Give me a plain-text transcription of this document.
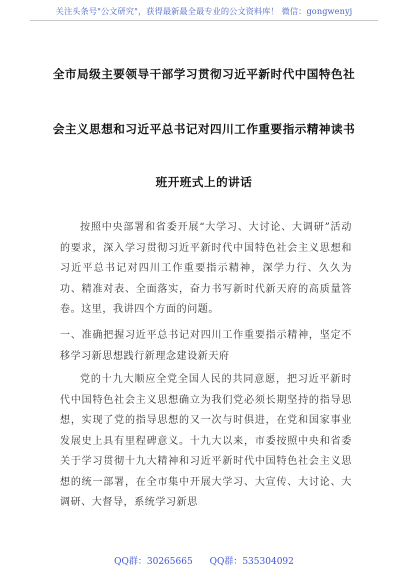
关注头条号"公文研究"，获得最新最全最专业的公文资料库！ 微信：gongwenyj
全市局级主要领导干部学习贯彻习近平新时代中国特色社
会主义思想和习近平总书记对四川工作重要指示精神读书
班开班式上的讲话
按照中央部署和省委开展“大学习、大讨论、大调研”活动的要求，深入学习贯彻习近平新时代中国特色社会主义思想和习近平总书记对四川工作重要指示精神，深学力行、久久为功、精准对表、全面落实，奋力书写新时代新天府的高质量答卷。这里，我讲四个方面的问题。
一、准确把握习近平总书记对四川工作重要指示精神，坚定不移学习新思想践行新理念建设新天府
党的十九大顺应全党全国人民的共同意愿，把习近平新时代中国特色社会主义思想确立为我们党必须长期坚持的指导思想，实现了党的指导思想的又一次与时俱进，在党和国家事业发展史上具有里程碑意义。十九大以来，市委按照中央和省委关于学习贯彻十九大精神和习近平新时代中国特色社会主义思想的统一部署，在全市集中开展大学习、大宣传、大讨论、大调研、大督导，系统学习新思
QQ群：30265665 QQ群：535304092
